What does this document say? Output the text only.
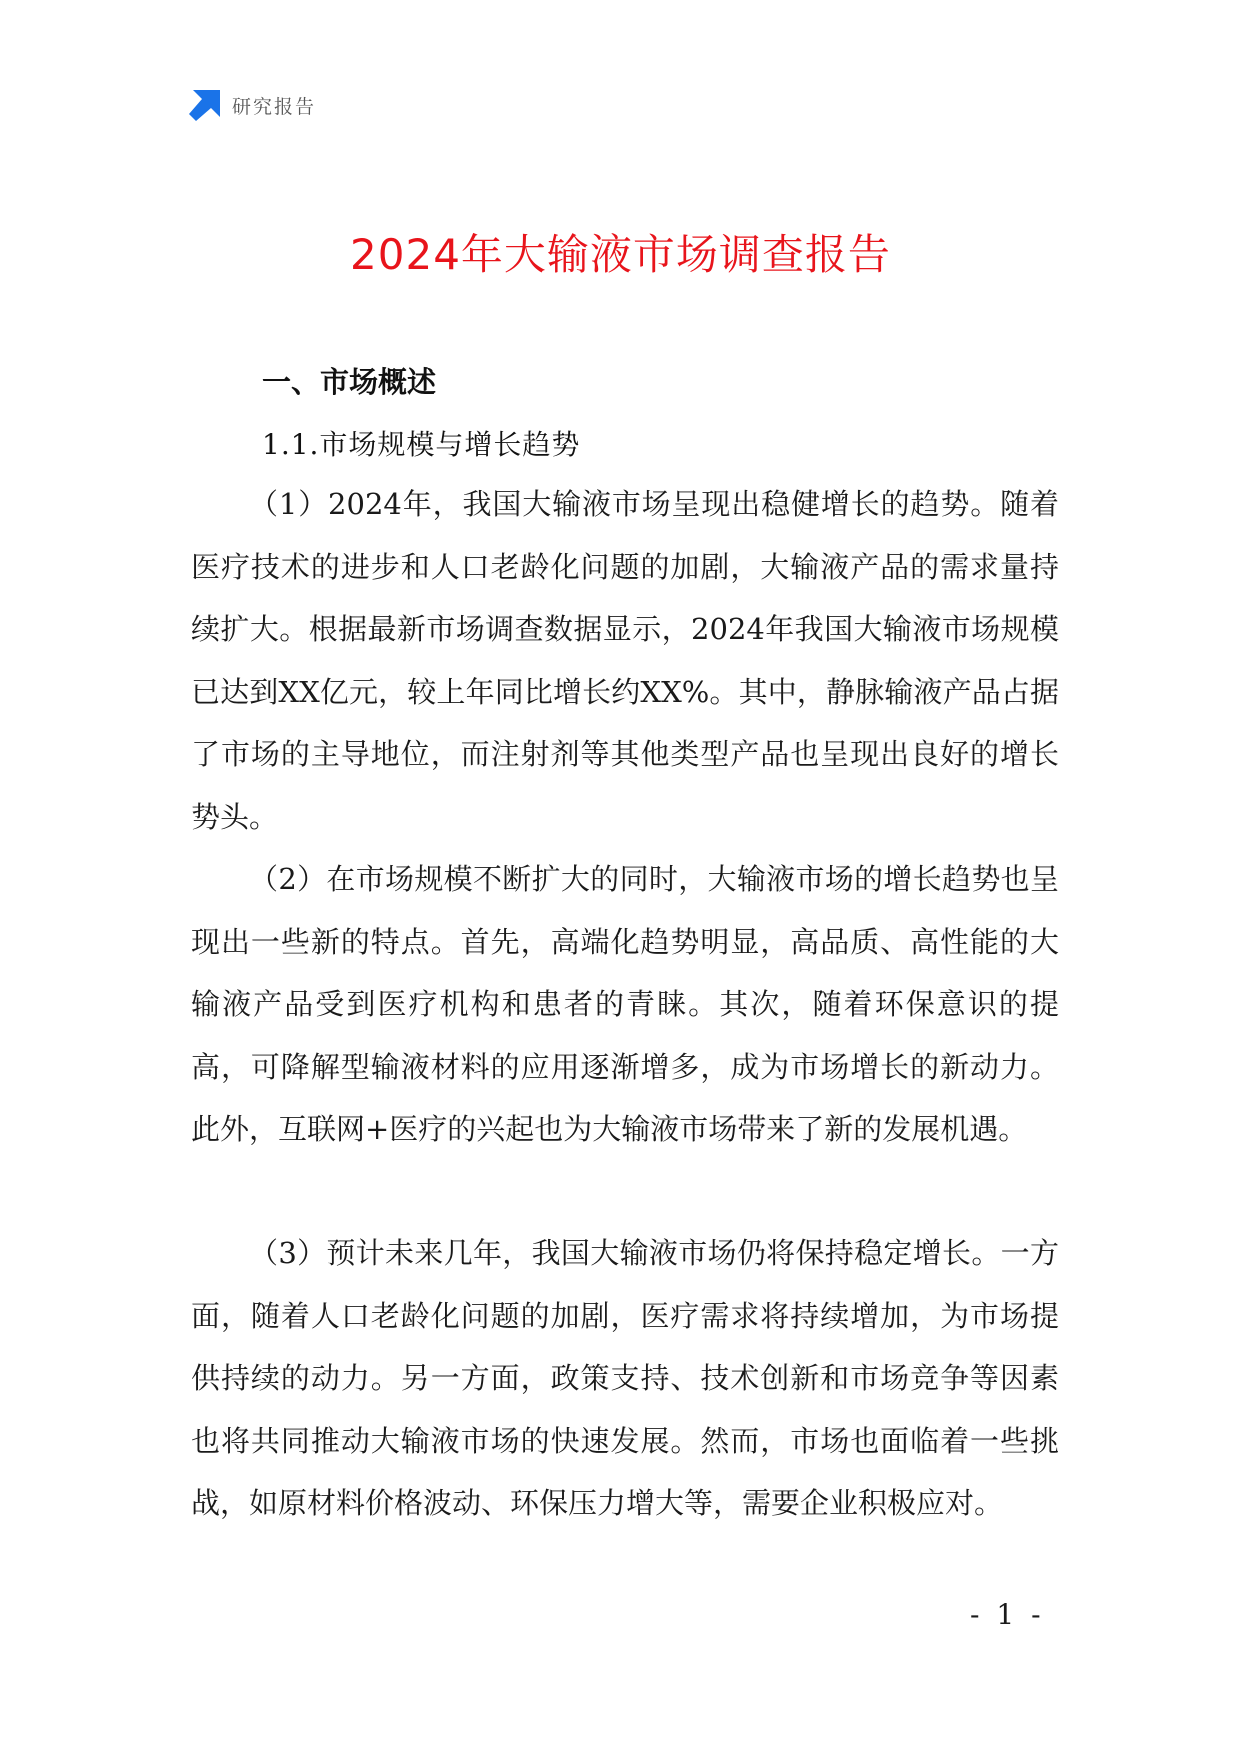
研究报告
2024年大输液市场调查报告
一、市场概述
1.1.市场规模与增长趋势

（1）2024年，我国大输液市场呈现出稳健增长的趋势。随着医疗技术的进步和人口老龄化问题的加剧，大输液产品的需求量持续扩大。根据最新市场调查数据显示，2024年我国大输液市场规模已达到XX亿元，较上年同比增长约XX%。其中，静脉输液产品占据了市场的主导地位，而注射剂等其他类型产品也呈现出良好的增长势头。

（2）在市场规模不断扩大的同时，大输液市场的增长趋势也呈现出一些新的特点。首先，高端化趋势明显，高品质、高性能的大输液产品受到医疗机构和患者的青睐。其次，随着环保意识的提高，可降解型输液材料的应用逐渐增多，成为市场增长的新动力。此外，互联网+医疗的兴起也为大输液市场带来了新的发展机遇。

（3）预计未来几年，我国大输液市场仍将保持稳定增长。一方面，随着人口老龄化问题的加剧，医疗需求将持续增加，为市场提供持续的动力。另一方面，政策支持、技术创新和市场竞争等因素也将共同推动大输液市场的快速发展。然而，市场也面临着一些挑战，如原材料价格波动、环保压力增大等，需要企业积极应对。

- 1 -
